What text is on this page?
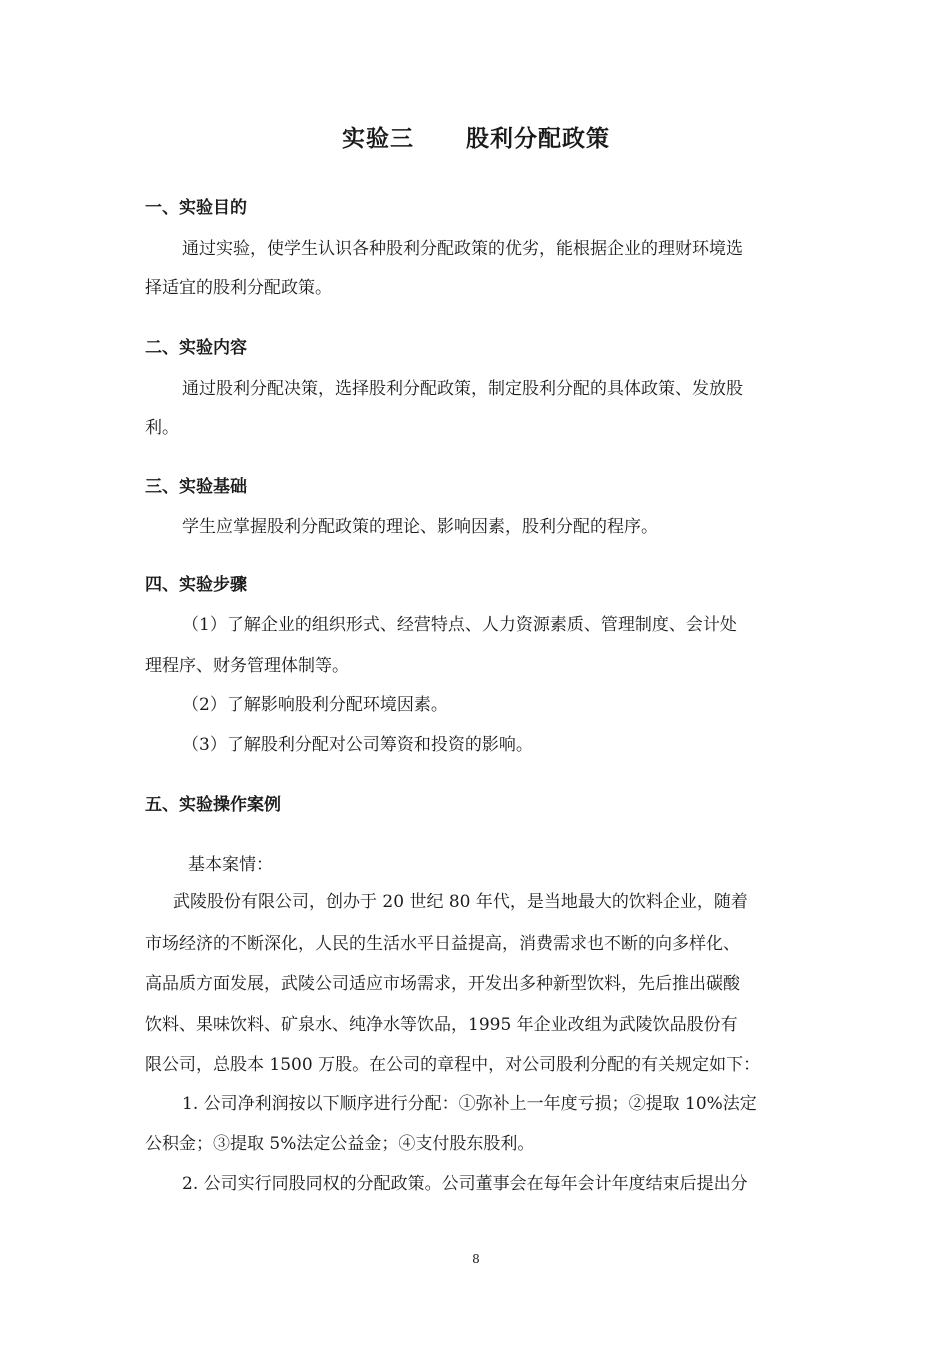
实验三 股利分配政策
一、实验目的
通过实验，使学生认识各种股利分配政策的优劣，能根据企业的理财环境选
择适宜的股利分配政策。
二、实验内容
通过股利分配决策，选择股利分配政策，制定股利分配的具体政策、发放股
利。
三、实验基础
学生应掌握股利分配政策的理论、影响因素，股利分配的程序。
四、实验步骤
（1）了解企业的组织形式、经营特点、人力资源素质、管理制度、会计处
理程序、财务管理体制等。
（2）了解影响股利分配环境因素。
（3）了解股利分配对公司筹资和投资的影响。
五、实验操作案例
基本案情：
武陵股份有限公司，创办于 20 世纪 80 年代，是当地最大的饮料企业，随着
市场经济的不断深化，人民的生活水平日益提高，消费需求也不断的向多样化、
高品质方面发展，武陵公司适应市场需求，开发出多种新型饮料，先后推出碳酸
饮料、果味饮料、矿泉水、纯净水等饮品，1995 年企业改组为武陵饮品股份有
限公司，总股本 1500 万股。在公司的章程中，对公司股利分配的有关规定如下：
1. 公司净利润按以下顺序进行分配：①弥补上一年度亏损；②提取 10%法定
公积金；③提取 5%法定公益金；④支付股东股利。
2. 公司实行同股同权的分配政策。公司董事会在每年会计年度结束后提出分
8
